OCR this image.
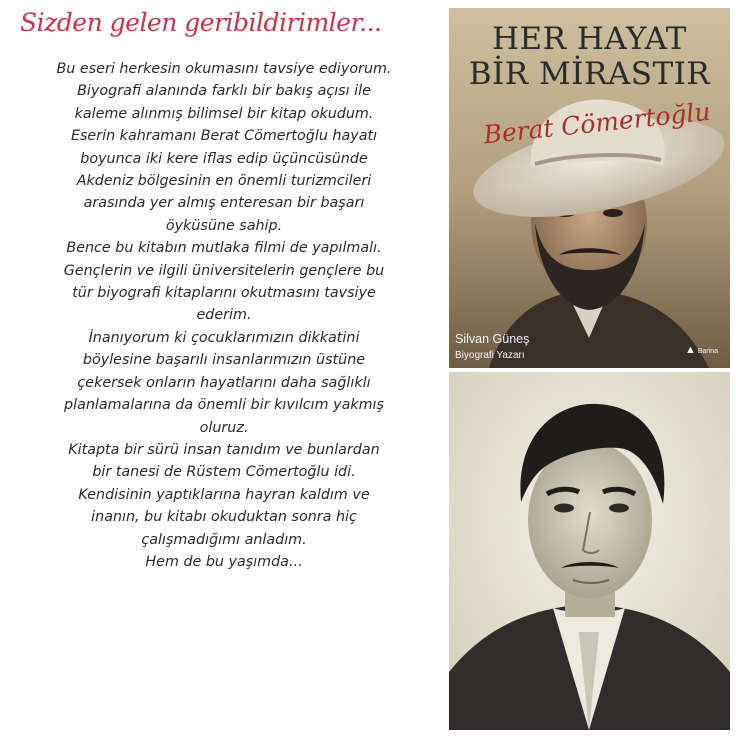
Sizden gelen geribildirimler...
Bu eseri herkesin okumasını tavsiye ediyorum.
Biyografi alanında farklı bir bakış açısı ile
kaleme alınmış bilimsel bir kitap okudum.
Eserin kahramanı Berat Cömertoğlu hayatı
boyunca iki kere iflas edip üçüncüsünde
Akdeniz bölgesinin en önemli turizmcileri
arasında yer almış enteresan bir başarı
öyküsüne sahip.
Bence bu kitabın mutlaka filmi de yapılmalı.
Gençlerin ve ilgili üniversitelerin gençlere bu
tür biyografi kitaplarını okutmasını tavsiye
ederim.
İnanıyorum ki çocuklarımızın dikkatini
böylesine başarılı insanlarımızın üstüne
çekersek onların hayatlarını daha sağlıklı
planlamalarına da önemli bir kıvılcım yakmış
oluruz.
Kitapta bir sürü insan tanıdım ve bunlardan
bir tanesi de Rüstem Cömertoğlu idi.
Kendisinin yaptıklarına hayran kaldım ve
inanın, bu kitabı okuduktan sonra hiç
çalışmadığımı anladım.
Hem de bu yaşımda...
HER HAYAT
BİR MİRASTIR
Berat Cömertoğlu
Silvan Güneş
Biyografi Yazarı	▲ Barina
